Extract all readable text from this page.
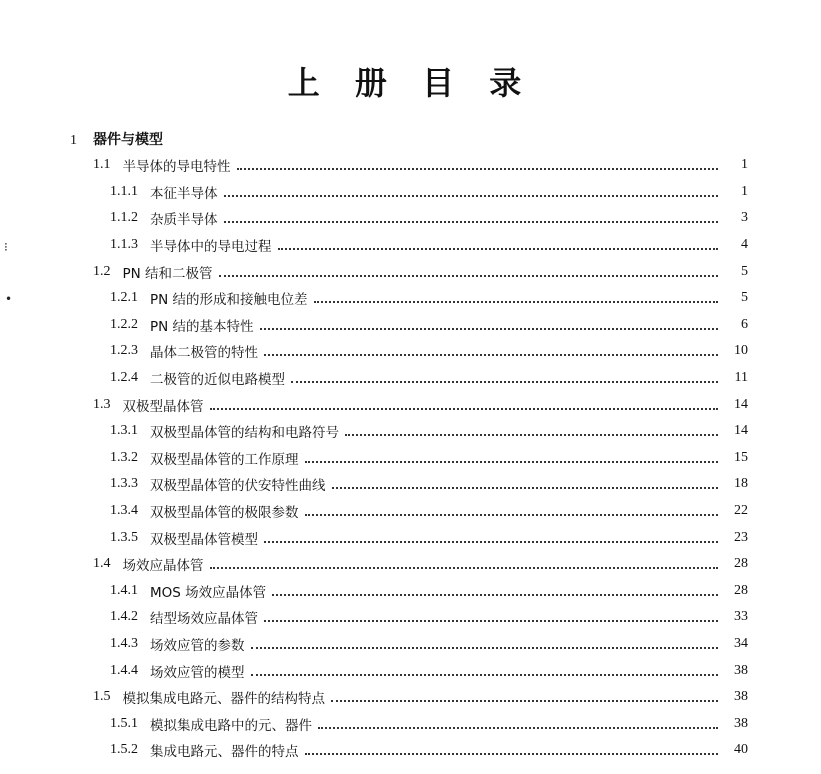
上 册 目 录
1 器件与模型
⁝
•
1.1 半导体的导电特性	1
1.1.1 本征半导体	1
1.1.2 杂质半导体	3
1.1.3 半导体中的导电过程	4
1.2 PN 结和二极管	5
1.2.1 PN 结的形成和接触电位差	5
1.2.2 PN 结的基本特性	6
1.2.3 晶体二极管的特性	10
1.2.4 二极管的近似电路模型	11
1.3 双极型晶体管	14
1.3.1 双极型晶体管的结构和电路符号	14
1.3.2 双极型晶体管的工作原理	15
1.3.3 双极型晶体管的伏安特性曲线	18
1.3.4 双极型晶体管的极限参数	22
1.3.5 双极型晶体管模型	23
1.4 场效应晶体管	28
1.4.1 MOS 场效应晶体管	28
1.4.2 结型场效应晶体管	33
1.4.3 场效应管的参数	34
1.4.4 场效应管的模型	38
1.5 模拟集成电路元、器件的结构特点	38
1.5.1 模拟集成电路中的元、器件	38
1.5.2 集成电路元、器件的特点	40
